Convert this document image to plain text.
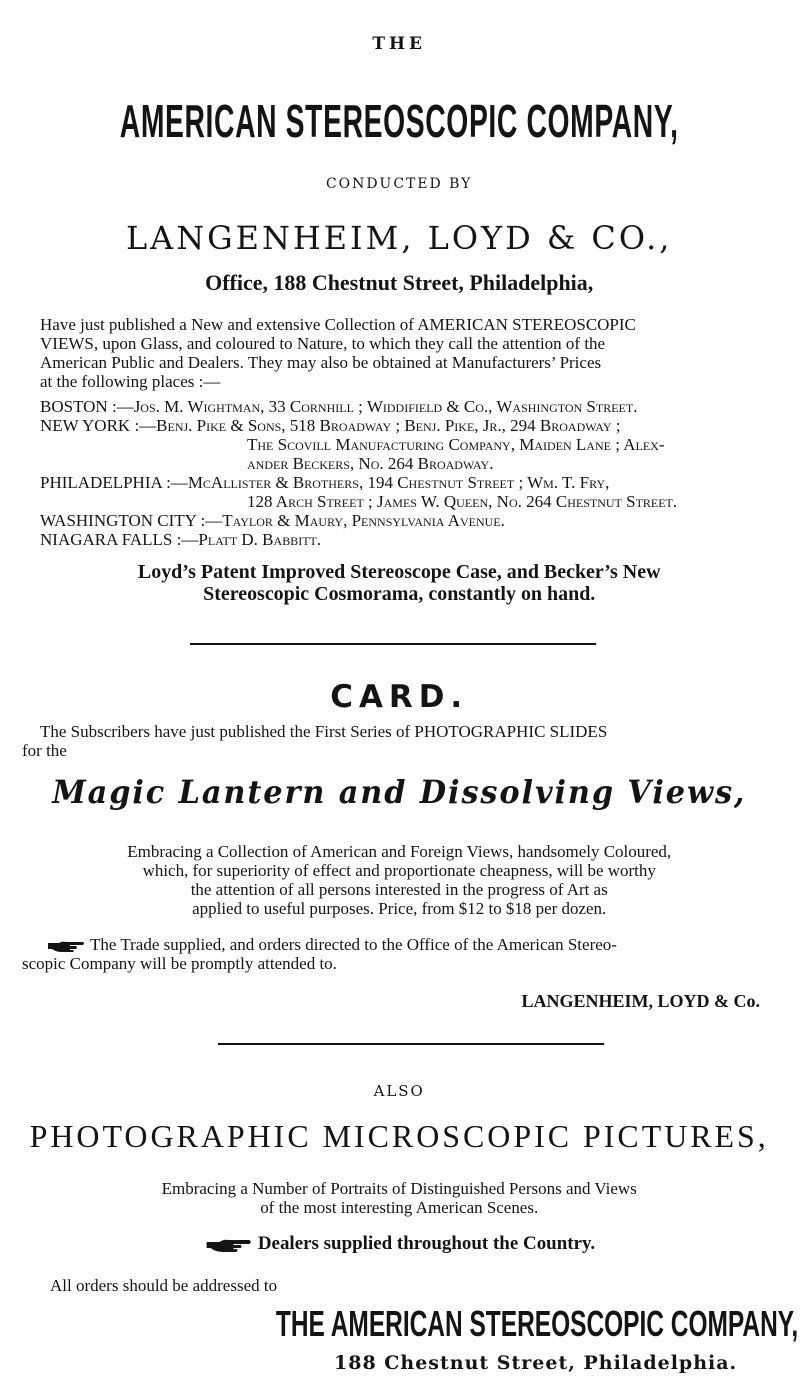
THE
AMERICAN STEREOSCOPIC COMPANY,
CONDUCTED BY
LANGENHEIM, LOYD & CO.,
Office, 188 Chestnut Street, Philadelphia,
Have just published a New and extensive Collection of AMERICAN STEREOSCOPIC
VIEWS, upon Glass, and coloured to Nature, to which they call the attention of the
American Public and Dealers. They may also be obtained at Manufacturers’ Prices
at the following places :—
BOSTON :—Jos. M. Wightman, 33 Cornhill ; Widdifield & Co., Washington Street.
NEW YORK :—Benj. Pike & Sons, 518 Broadway ; Benj. Pike, Jr., 294 Broadway ;
The Scovill Manufacturing Company, Maiden Lane ; Alex-
ander Beckers, No. 264 Broadway.
PHILADELPHIA :—McAllister & Brothers, 194 Chestnut Street ; Wm. T. Fry,
128 Arch Street ; James W. Queen, No. 264 Chestnut Street.
WASHINGTON CITY :—Taylor & Maury, Pennsylvania Avenue.
NIAGARA FALLS :—Platt D. Babbitt.
Loyd’s Patent Improved Stereoscope Case, and Becker’s New
Stereoscopic Cosmorama, constantly on hand.
CARD.
The Subscribers have just published the First Series of PHOTOGRAPHIC SLIDES
for the
Magic Lantern and Dissolving Views,
Embracing a Collection of American and Foreign Views, handsomely Coloured,
which, for superiority of effect and proportionate cheapness, will be worthy
the attention of all persons interested in the progress of Art as
applied to useful purposes. Price, from $12 to $18 per dozen.
The Trade supplied, and orders directed to the Office of the American Stereo-
scopic Company will be promptly attended to.
LANGENHEIM, LOYD & Co.
ALSO
PHOTOGRAPHIC MICROSCOPIC PICTURES,
Embracing a Number of Portraits of Distinguished Persons and Views
of the most interesting American Scenes.
Dealers supplied throughout the Country.
All orders should be addressed to
THE AMERICAN STEREOSCOPIC COMPANY,
188 Chestnut Street, Philadelphia.
